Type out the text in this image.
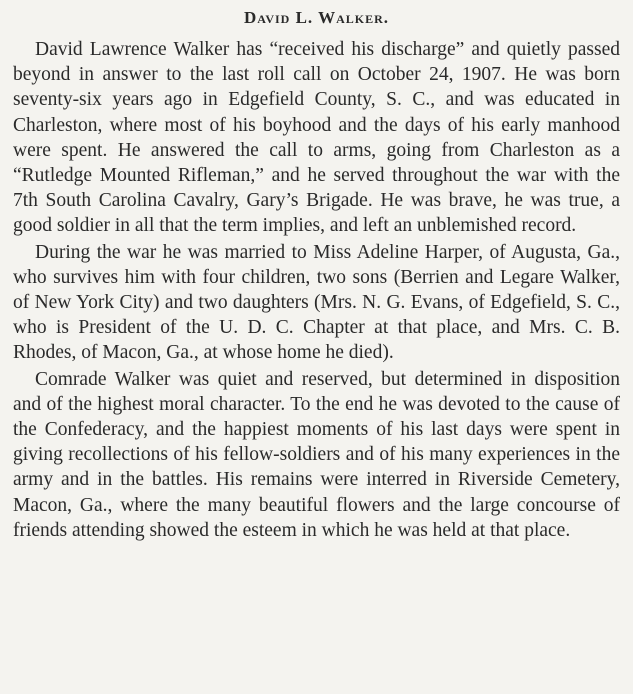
David L. Walker.

David Lawrence Walker has “received his discharge” and quietly passed beyond in answer to the last roll call on October 24, 1907. He was born seventy-six years ago in Edgefield County, S. C., and was educated in Charleston, where most of his boyhood and the days of his early manhood were spent. He answered the call to arms, going from Charleston as a “Rutledge Mounted Rifleman,” and he served throughout the war with the 7th South Carolina Cavalry, Gary’s Brigade. He was brave, he was true, a good soldier in all that the term implies, and left an unblemished record.

During the war he was married to Miss Adeline Harper, of Augusta, Ga., who survives him with four children, two sons (Berrien and Legare Walker, of New York City) and two daughters (Mrs. N. G. Evans, of Edgefield, S. C., who is President of the U. D. C. Chapter at that place, and Mrs. C. B. Rhodes, of Macon, Ga., at whose home he died).

Comrade Walker was quiet and reserved, but determined in disposition and of the highest moral character. To the end he was devoted to the cause of the Confederacy, and the happiest moments of his last days were spent in giving recollections of his fellow-soldiers and of his many experiences in the army and in the battles. His remains were interred in Riverside Cemetery, Macon, Ga., where the many beautiful flowers and the large concourse of friends attending showed the esteem in which he was held at that place.
